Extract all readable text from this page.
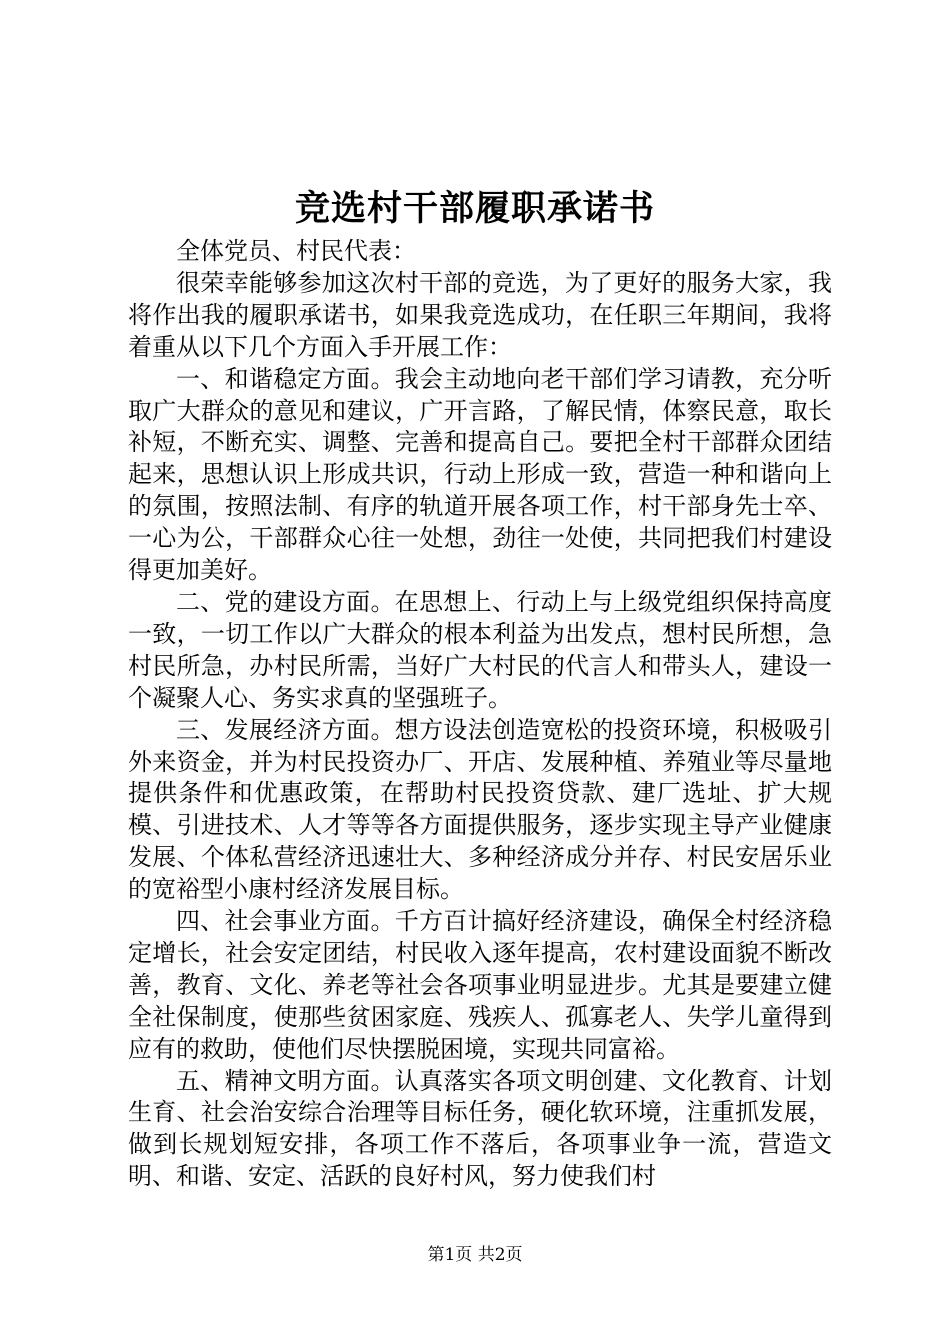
竞选村干部履职承诺书

全体党员、村民代表：

很荣幸能够参加这次村干部的竞选，为了更好的服务大家，我将作出我的履职承诺书，如果我竞选成功，在任职三年期间，我将着重从以下几个方面入手开展工作：

一、和谐稳定方面。我会主动地向老干部们学习请教，充分听取广大群众的意见和建议，广开言路，了解民情，体察民意，取长补短，不断充实、调整、完善和提高自己。要把全村干部群众团结起来，思想认识上形成共识，行动上形成一致，营造一种和谐向上的氛围，按照法制、有序的轨道开展各项工作，村干部身先士卒、一心为公，干部群众心往一处想，劲往一处使，共同把我们村建设得更加美好。

二、党的建设方面。在思想上、行动上与上级党组织保持高度一致，一切工作以广大群众的根本利益为出发点，想村民所想，急村民所急，办村民所需，当好广大村民的代言人和带头人，建设一个凝聚人心、务实求真的坚强班子。

三、发展经济方面。想方设法创造宽松的投资环境，积极吸引外来资金，并为村民投资办厂、开店、发展种植、养殖业等尽量地提供条件和优惠政策，在帮助村民投资贷款、建厂选址、扩大规模、引进技术、人才等等各方面提供服务，逐步实现主导产业健康发展、个体私营经济迅速壮大、多种经济成分并存、村民安居乐业的宽裕型小康村经济发展目标。

四、社会事业方面。千方百计搞好经济建设，确保全村经济稳定增长，社会安定团结，村民收入逐年提高，农村建设面貌不断改善，教育、文化、养老等社会各项事业明显进步。尤其是要建立健全社保制度，使那些贫困家庭、残疾人、孤寡老人、失学儿童得到应有的救助，使他们尽快摆脱困境，实现共同富裕。

五、精神文明方面。认真落实各项文明创建、文化教育、计划生育、社会治安综合治理等目标任务，硬化软环境，注重抓发展，做到长规划短安排，各项工作不落后，各项事业争一流，营造文明、和谐、安定、活跃的良好村风，努力使我们村

第1页 共2页
